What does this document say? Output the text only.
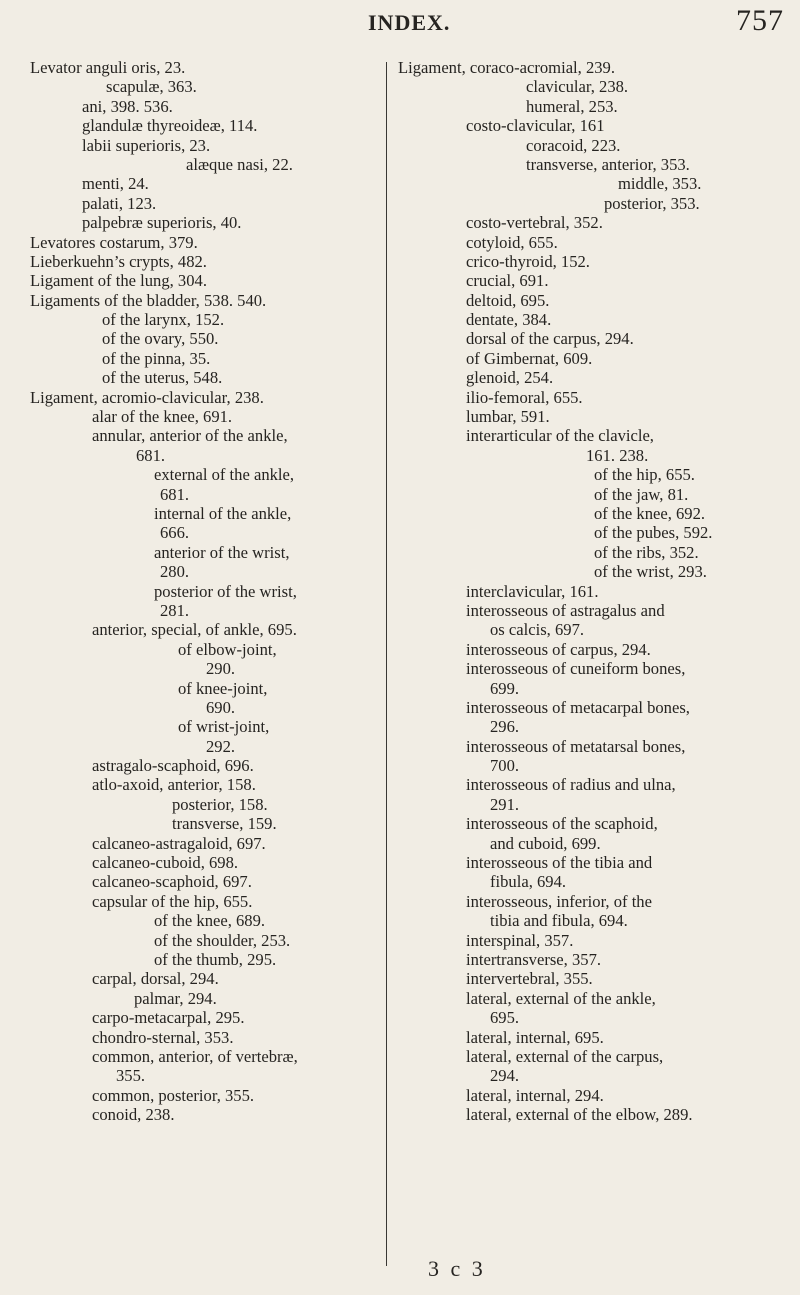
INDEX.	757
Levator anguli oris, 23.
scapulæ, 363.
ani, 398. 536.
glandulæ thyreoideæ, 114.
labii superioris, 23.
alæque nasi, 22.
menti, 24.
palati, 123.
palpebræ superioris, 40.
Levatores costarum, 379.
Lieberkuehn’s crypts, 482.
Ligament of the lung, 304.
Ligaments of the bladder, 538. 540.
of the larynx, 152.
of the ovary, 550.
of the pinna, 35.
of the uterus, 548.
Ligament, acromio-clavicular, 238.
alar of the knee, 691.
annular, anterior of the ankle,
681.
external of the ankle,
681.
internal of the ankle,
666.
anterior of the wrist,
280.
posterior of the wrist,
281.
anterior, special, of ankle, 695.
of elbow-joint,
290.
of knee-joint,
690.
of wrist-joint,
292.
astragalo-scaphoid, 696.
atlo-axoid, anterior, 158.
posterior, 158.
transverse, 159.
calcaneo-astragaloid, 697.
calcaneo-cuboid, 698.
calcaneo-scaphoid, 697.
capsular of the hip, 655.
of the knee, 689.
of the shoulder, 253.
of the thumb, 295.
carpal, dorsal, 294.
palmar, 294.
carpo-metacarpal, 295.
chondro-sternal, 353.
common, anterior, of vertebræ,
355.
common, posterior, 355.
conoid, 238.
Ligament, coraco-acromial, 239.
clavicular, 238.
humeral, 253.
costo-clavicular, 161
coracoid, 223.
transverse, anterior, 353.
middle, 353.
posterior, 353.
costo-vertebral, 352.
cotyloid, 655.
crico-thyroid, 152.
crucial, 691.
deltoid, 695.
dentate, 384.
dorsal of the carpus, 294.
of Gimbernat, 609.
glenoid, 254.
ilio-femoral, 655.
lumbar, 591.
interarticular of the clavicle,
161. 238.
of the hip, 655.
of the jaw, 81.
of the knee, 692.
of the pubes, 592.
of the ribs, 352.
of the wrist, 293.
interclavicular, 161.
interosseous of astragalus and
os calcis, 697.
interosseous of carpus, 294.
interosseous of cuneiform bones,
699.
interosseous of metacarpal bones,
296.
interosseous of metatarsal bones,
700.
interosseous of radius and ulna,
291.
interosseous of the scaphoid,
and cuboid, 699.
interosseous of the tibia and
fibula, 694.
interosseous, inferior, of the
tibia and fibula, 694.
interspinal, 357.
intertransverse, 357.
intervertebral, 355.
lateral, external of the ankle,
695.
lateral, internal, 695.
lateral, external of the carpus,
294.
lateral, internal, 294.
lateral, external of the elbow, 289.
3 c 3
